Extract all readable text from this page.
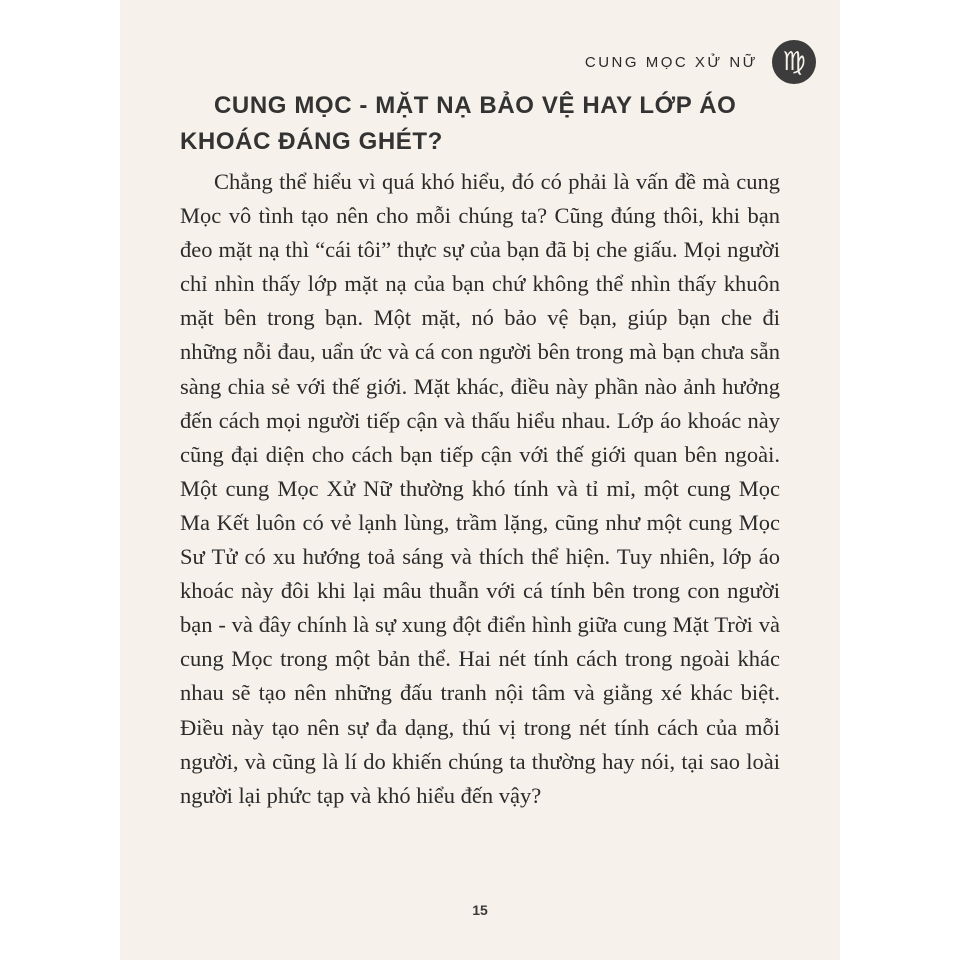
CUNG MỌC XỬ NỮ ♍
CUNG MỌC - MẶT NẠ BẢO VỆ HAY LỚP ÁO KHOÁC ĐÁNG GHÉT?

Chẳng thể hiểu vì quá khó hiểu, đó có phải là vấn đề mà cung Mọc vô tình tạo nên cho mỗi chúng ta? Cũng đúng thôi, khi bạn đeo mặt nạ thì “cái tôi” thực sự của bạn đã bị che giấu. Mọi người chỉ nhìn thấy lớp mặt nạ của bạn chứ không thể nhìn thấy khuôn mặt bên trong bạn. Một mặt, nó bảo vệ bạn, giúp bạn che đi những nỗi đau, uẩn ức và cá con người bên trong mà bạn chưa sẵn sàng chia sẻ với thế giới. Mặt khác, điều này phần nào ảnh hưởng đến cách mọi người tiếp cận và thấu hiểu nhau. Lớp áo khoác này cũng đại diện cho cách bạn tiếp cận với thế giới quan bên ngoài. Một cung Mọc Xử Nữ thường khó tính và tỉ mỉ, một cung Mọc Ma Kết luôn có vẻ lạnh lùng, trầm lặng, cũng như một cung Mọc Sư Tử có xu hướng toả sáng và thích thể hiện. Tuy nhiên, lớp áo khoác này đôi khi lại mâu thuẫn với cá tính bên trong con người bạn - và đây chính là sự xung đột điển hình giữa cung Mặt Trời và cung Mọc trong một bản thể. Hai nét tính cách trong ngoài khác nhau sẽ tạo nên những đấu tranh nội tâm và giằng xé khác biệt. Điều này tạo nên sự đa dạng, thú vị trong nét tính cách của mỗi người, và cũng là lí do khiến chúng ta thường hay nói, tại sao loài người lại phức tạp và khó hiểu đến vậy?

15
